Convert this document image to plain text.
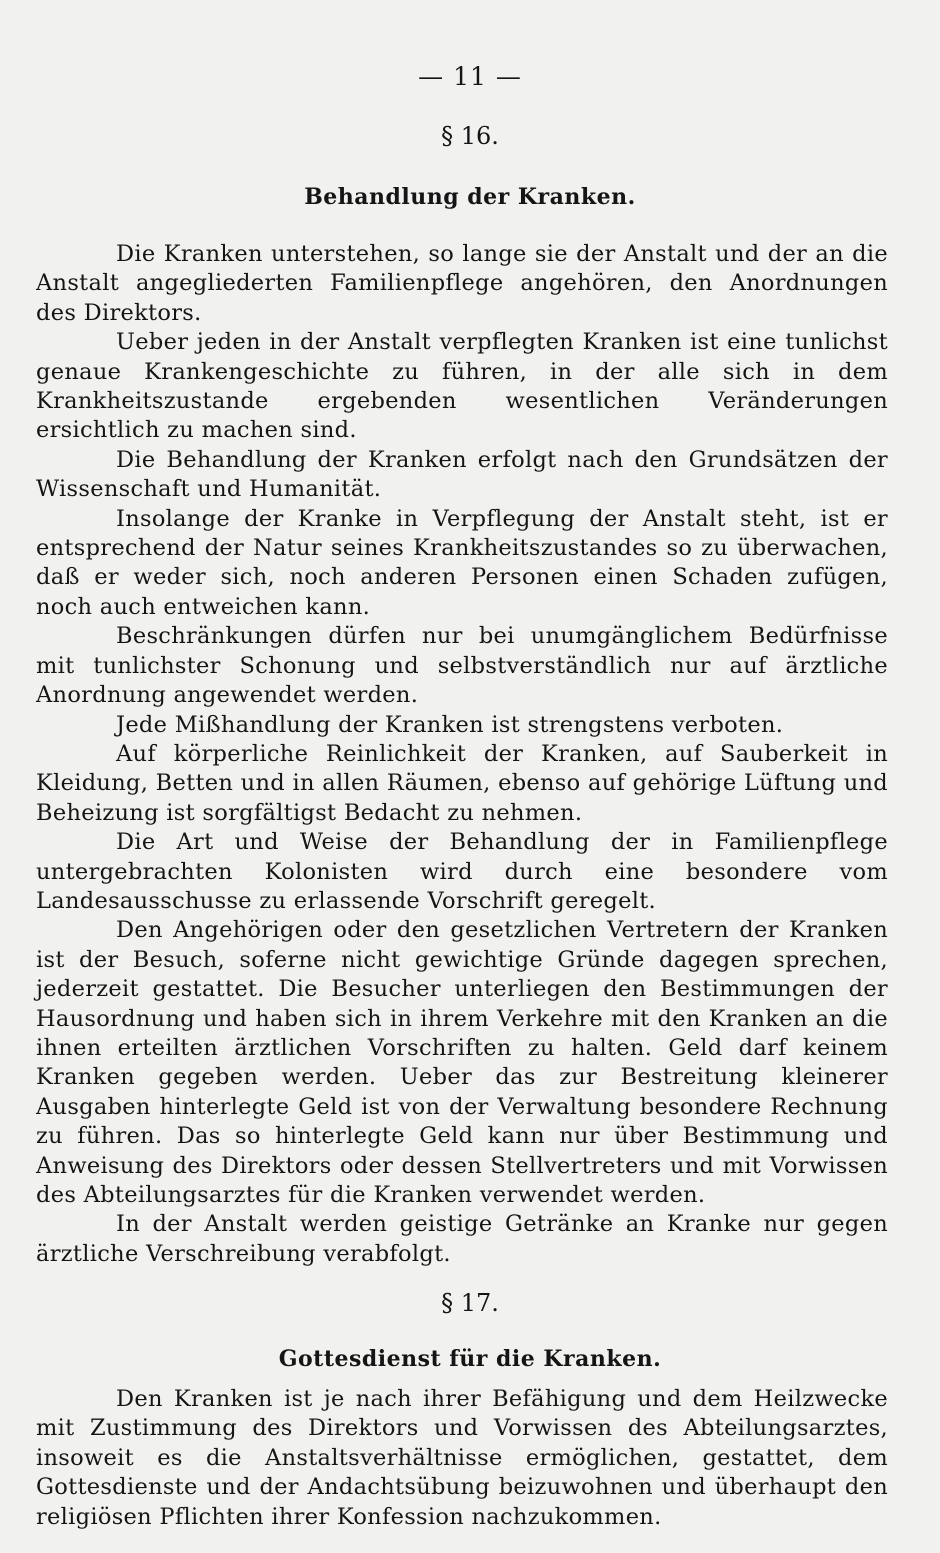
— 11 —
§ 16.
Behandlung der Kranken.

Die Kranken unterstehen, so lange sie der Anstalt und der an die Anstalt angegliederten Familienpflege angehören, den Anordnungen des Direktors.

Ueber jeden in der Anstalt verpflegten Kranken ist eine tunlichst genaue Krankengeschichte zu führen, in der alle sich in dem Krankheitszustande ergebenden wesentlichen Veränderungen ersichtlich zu machen sind.

Die Behandlung der Kranken erfolgt nach den Grundsätzen der Wissenschaft und Humanität.

Insolange der Kranke in Verpflegung der Anstalt steht, ist er entsprechend der Natur seines Krankheitszustandes so zu überwachen, daß er weder sich, noch anderen Personen einen Schaden zufügen, noch auch entweichen kann.

Beschränkungen dürfen nur bei unumgänglichem Bedürfnisse mit tunlichster Schonung und selbstverständlich nur auf ärztliche Anordnung angewendet werden.

Jede Mißhandlung der Kranken ist strengstens verboten.

Auf körperliche Reinlichkeit der Kranken, auf Sauberkeit in Kleidung, Betten und in allen Räumen, ebenso auf gehörige Lüftung und Beheizung ist sorgfältigst Bedacht zu nehmen.

Die Art und Weise der Behandlung der in Familienpflege untergebrachten Kolonisten wird durch eine besondere vom Landesausschusse zu erlassende Vorschrift geregelt.

Den Angehörigen oder den gesetzlichen Vertretern der Kranken ist der Besuch, soferne nicht gewichtige Gründe dagegen sprechen, jederzeit gestattet. Die Besucher unterliegen den Bestimmungen der Hausordnung und haben sich in ihrem Verkehre mit den Kranken an die ihnen erteilten ärztlichen Vorschriften zu halten. Geld darf keinem Kranken gegeben werden. Ueber das zur Bestreitung kleinerer Ausgaben hinterlegte Geld ist von der Verwaltung besondere Rechnung zu führen. Das so hinterlegte Geld kann nur über Bestimmung und Anweisung des Direktors oder dessen Stellvertreters und mit Vorwissen des Abteilungsarztes für die Kranken verwendet werden.

In der Anstalt werden geistige Getränke an Kranke nur gegen ärztliche Verschreibung verabfolgt.

§ 17.
Gottesdienst für die Kranken.

Den Kranken ist je nach ihrer Befähigung und dem Heilzwecke mit Zustimmung des Direktors und Vorwissen des Abteilungsarztes, insoweit es die Anstaltsverhältnisse ermöglichen, gestattet, dem Gottesdienste und der Andachtsübung beizuwohnen und überhaupt den religiösen Pflichten ihrer Konfession nachzukommen.
